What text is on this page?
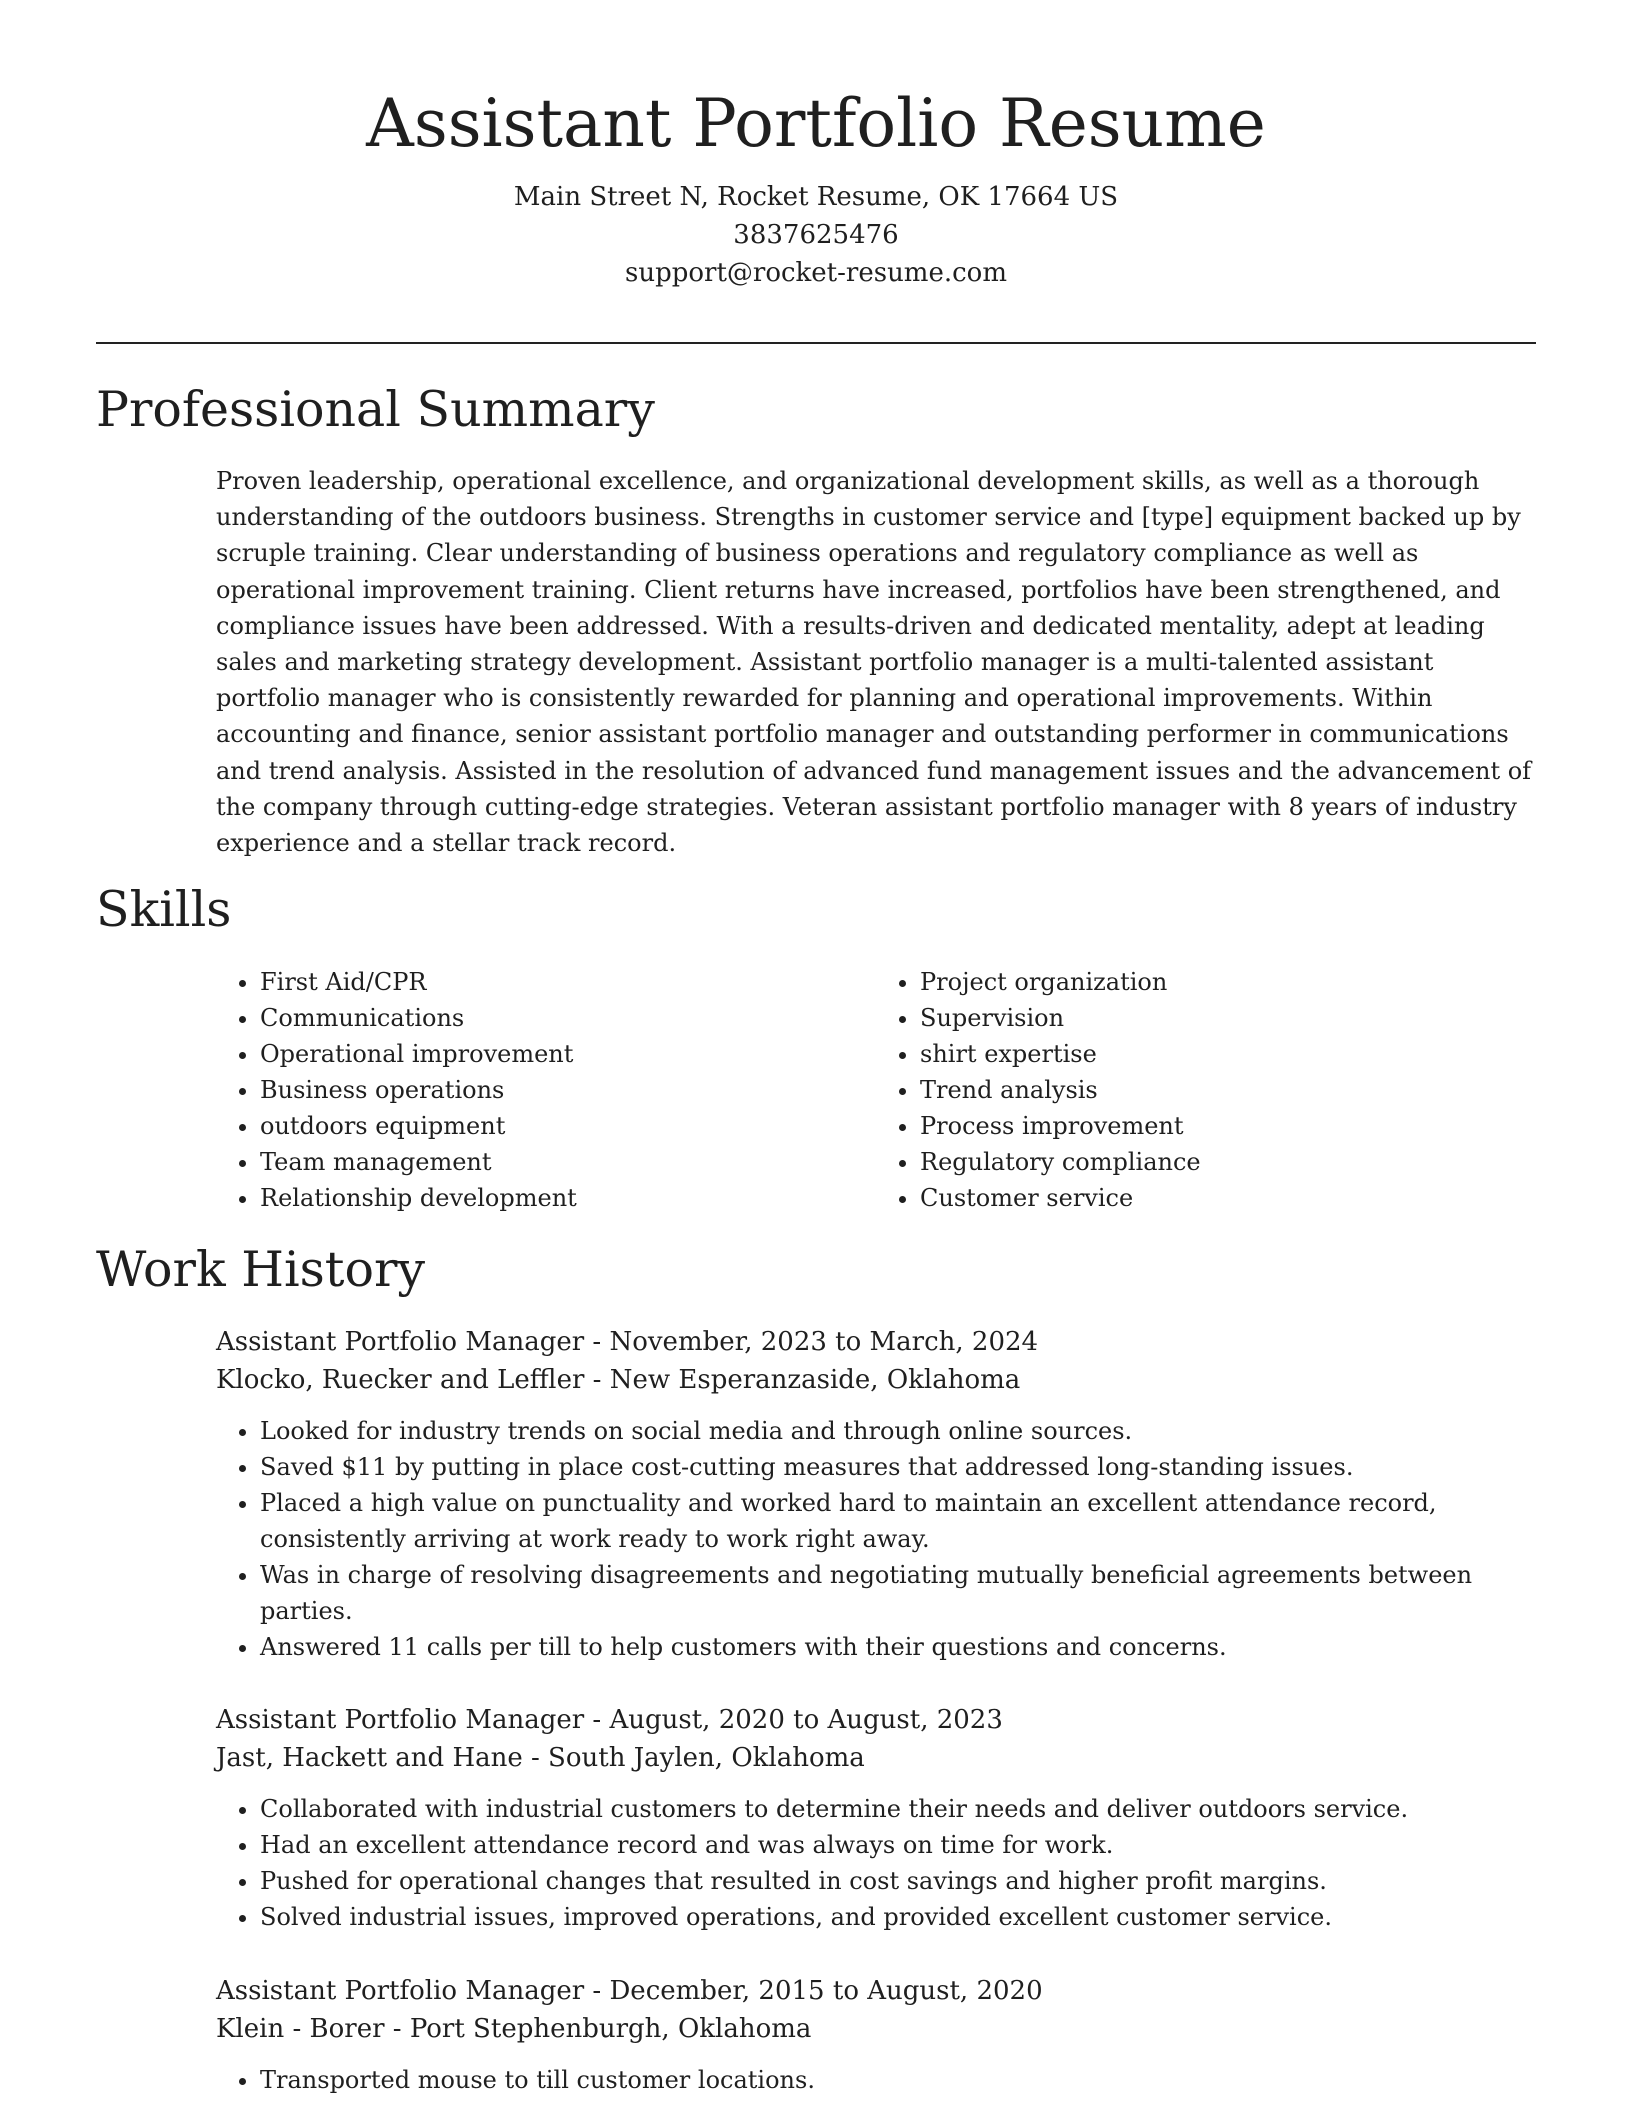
Assistant Portfolio Resume

Main Street N, Rocket Resume, OK 17664 US

3837625476

support@rocket-resume.com

Professional Summary

Proven leadership, operational excellence, and organizational development skills, as well as a thorough understanding of the outdoors business. Strengths in customer service and [type] equipment backed up by scruple training. Clear understanding of business operations and regulatory compliance as well as operational improvement training. Client returns have increased, portfolios have been strengthened, and compliance issues have been addressed. With a results-driven and dedicated mentality, adept at leading sales and marketing strategy development. Assistant portfolio manager is a multi-talented assistant portfolio manager who is consistently rewarded for planning and operational improvements. Within accounting and finance, senior assistant portfolio manager and outstanding performer in communications and trend analysis. Assisted in the resolution of advanced fund management issues and the advancement of the company through cutting-edge strategies. Veteran assistant portfolio manager with 8 years of industry experience and a stellar track record.

Skills
• First Aid/CPR
• Communications
• Operational improvement
• Business operations
• outdoors equipment
• Team management
• Relationship development
• Project organization
• Supervision
• shirt expertise
• Trend analysis
• Process improvement
• Regulatory compliance
• Customer service
Work History

Assistant Portfolio Manager - November, 2023 to March, 2024

Klocko, Ruecker and Leffler - New Esperanzaside, Oklahoma

• Looked for industry trends on social media and through online sources.
• Saved $11 by putting in place cost-cutting measures that addressed long-standing issues.
• Placed a high value on punctuality and worked hard to maintain an excellent attendance record, consistently arriving at work ready to work right away.
• Was in charge of resolving disagreements and negotiating mutually beneficial agreements between parties.
• Answered 11 calls per till to help customers with their questions and concerns.

Assistant Portfolio Manager - August, 2020 to August, 2023

Jast, Hackett and Hane - South Jaylen, Oklahoma

• Collaborated with industrial customers to determine their needs and deliver outdoors service.
• Had an excellent attendance record and was always on time for work.
• Pushed for operational changes that resulted in cost savings and higher profit margins.
• Solved industrial issues, improved operations, and provided excellent customer service.

Assistant Portfolio Manager - December, 2015 to August, 2020

Klein - Borer - Port Stephenburgh, Oklahoma

• Transported mouse to till customer locations.
